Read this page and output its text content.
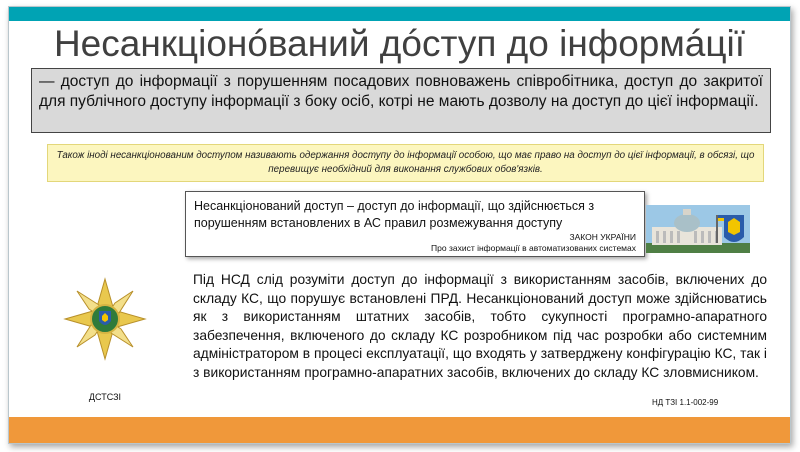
Несанкціонóваний дóступ до інформáції
— доступ до інформації з порушенням посадових повноважень співробітника, доступ до закритої для публічного доступу інформації з боку осіб, котрі не мають дозволу на доступ до цієї інформації.
Також іноді несанкціонованим доступом називають одержання доступу до інформації особою, що має право на доступ до цієї інформації, в обсязі, що перевищує необхідний для виконання службових обов'язків.
Несанкціонований доступ – доступ до інформації, що здійснюється з порушенням встановлених в АС правил розмежування доступу
ЗАКОН УКРАЇНИ
Про захист інформації в автоматизованих системах
ДСТСЗІ
Під НСД слід розуміти доступ до інформації з використанням засобів, включених до складу КС, що порушує встановлені ПРД. Несанкціонований доступ може здійснюватись як з використанням штатних засобів, тобто сукупності програмно-апаратного забезпечення, включеного до складу КС розробником під час розробки або системним адміністратором в процесі експлуатації, що входять у затверджену конфігурацію КС, так і з використанням програмно-апаратних засобів, включених до складу КС зловмисником.
НД ТЗІ 1.1-002-99
